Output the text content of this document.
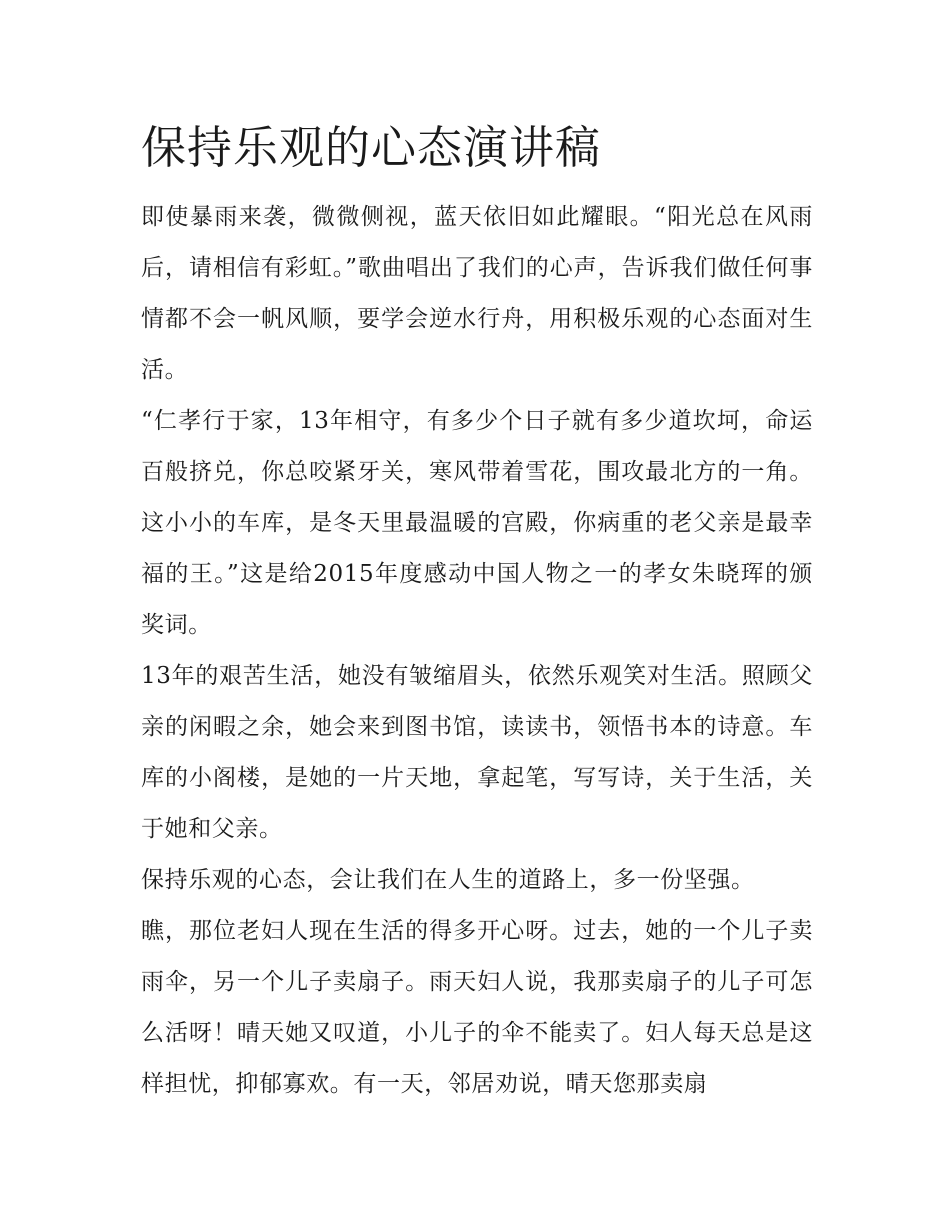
保持乐观的心态演讲稿

即使暴雨来袭，微微侧视，蓝天依旧如此耀眼。“阳光总在风雨后，请相信有彩虹。”歌曲唱出了我们的心声，告诉我们做任何事情都不会一帆风顺，要学会逆水行舟，用积极乐观的心态面对生活。

“仁孝行于家，13年相守，有多少个日子就有多少道坎坷，命运百般挤兑，你总咬紧牙关，寒风带着雪花，围攻最北方的一角。这小小的车库，是冬天里最温暖的宫殿，你病重的老父亲是最幸福的王。”这是给2015年度感动中国人物之一的孝女朱晓珲的颁奖词。

13年的艰苦生活，她没有皱缩眉头，依然乐观笑对生活。照顾父亲的闲暇之余，她会来到图书馆，读读书，领悟书本的诗意。车库的小阁楼，是她的一片天地，拿起笔，写写诗，关于生活，关于她和父亲。

保持乐观的心态，会让我们在人生的道路上，多一份坚强。

瞧，那位老妇人现在生活的得多开心呀。过去，她的一个儿子卖雨伞，另一个儿子卖扇子。雨天妇人说，我那卖扇子的儿子可怎么活呀！晴天她又叹道，小儿子的伞不能卖了。妇人每天总是这样担忧，抑郁寡欢。有一天，邻居劝说，晴天您那卖扇
